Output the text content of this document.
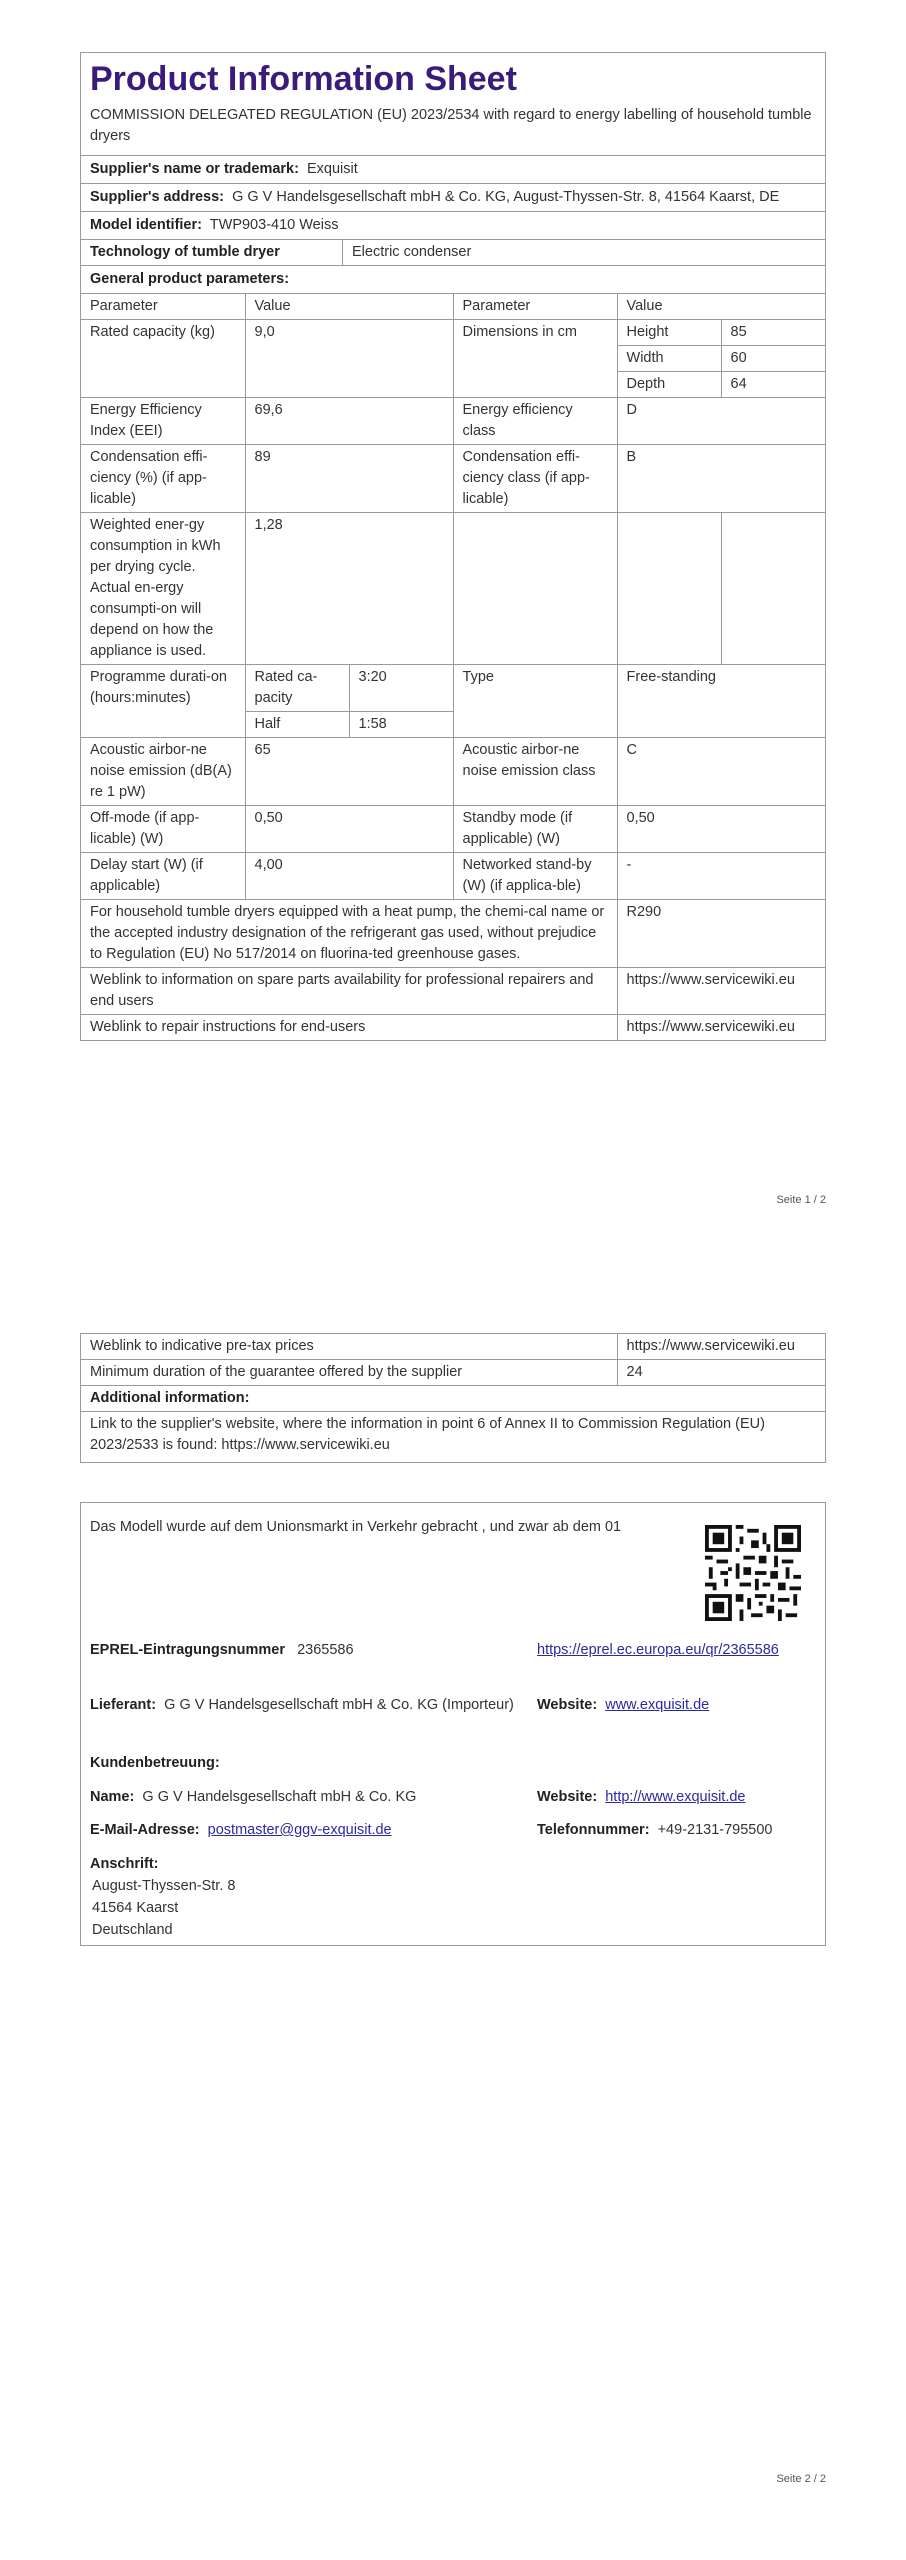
Product Information Sheet
COMMISSION DELEGATED REGULATION (EU) 2023/2534 with regard to energy labelling of household tumble dryers
Supplier's name or trademark: Exquisit
Supplier's address: G G V Handelsgesellschaft mbH & Co. KG, August-Thyssen-Str. 8, 41564 Kaarst, DE
Model identifier: TWP903-410 Weiss
Technology of tumble dryer	Electric condenser
General product parameters:
Parameter	Value		Parameter	Value	
Rated capacity (kg)	9,0		Dimensions in cm	Height	85
				Width	60
				Depth	64
Energy Efficiency Index (EEI)	69,6		Energy efficiency class	D	
Condensation effi-ciency (%) (if app-licable)	89		Condensation effi-ciency class (if app-licable)	B	
Weighted ener-gy consumption in kWh per drying cycle. Actual en-ergy consumpti-on will depend on how the appliance is used.	1,28				
Programme durati-on (hours:minutes)	Rated ca-pacity	3:20	Type	Free-standing	
	Half	1:58			
Acoustic airbor-ne noise emission (dB(A) re 1 pW)	65		Acoustic airbor-ne noise emission class	C	
Off-mode (if app-licable) (W)	0,50		Standby mode (if applicable) (W)	0,50	
Delay start (W) (if applicable)	4,00		Networked stand-by (W) (if applica-ble)	-	
For household tumble dryers equipped with a heat pump, the chemi-cal name or the accepted industry designation of the refrigerant gas used, without prejudice to Regulation (EU) No 517/2014 on fluorina-ted greenhouse gases.				R290	
Weblink to information on spare parts availability for professional repairers and end users				https://www.servicewiki.eu	
Weblink to repair instructions for end-users				https://www.servicewiki.eu	
Seite 1 / 2
Weblink to indicative pre-tax prices	https://www.servicewiki.eu
Minimum duration of the guarantee offered by the supplier	24
Additional information:	
Link to the supplier's website, where the information in point 6 of Annex II to Commission Regulation (EU) 2023/2533 is found: https://www.servicewiki.eu	
Das Modell wurde auf dem Unionsmarkt in Verkehr gebracht , und zwar ab dem 01
EPREL-Eintragungsnummer 2365586	https://eprel.ec.europa.eu/qr/2365586
Lieferant: G G V Handelsgesellschaft mbH & Co. KG (Importeur)	Website: www.exquisit.de
Kundenbetreuung:
Name: G G V Handelsgesellschaft mbH & Co. KG	Website: http://www.exquisit.de
E-Mail-Adresse: postmaster@ggv-exquisit.de	Telefonnummer: +49-2131-795500
Anschrift:
August-Thyssen-Str. 8
41564 Kaarst
Deutschland
Seite 2 / 2
